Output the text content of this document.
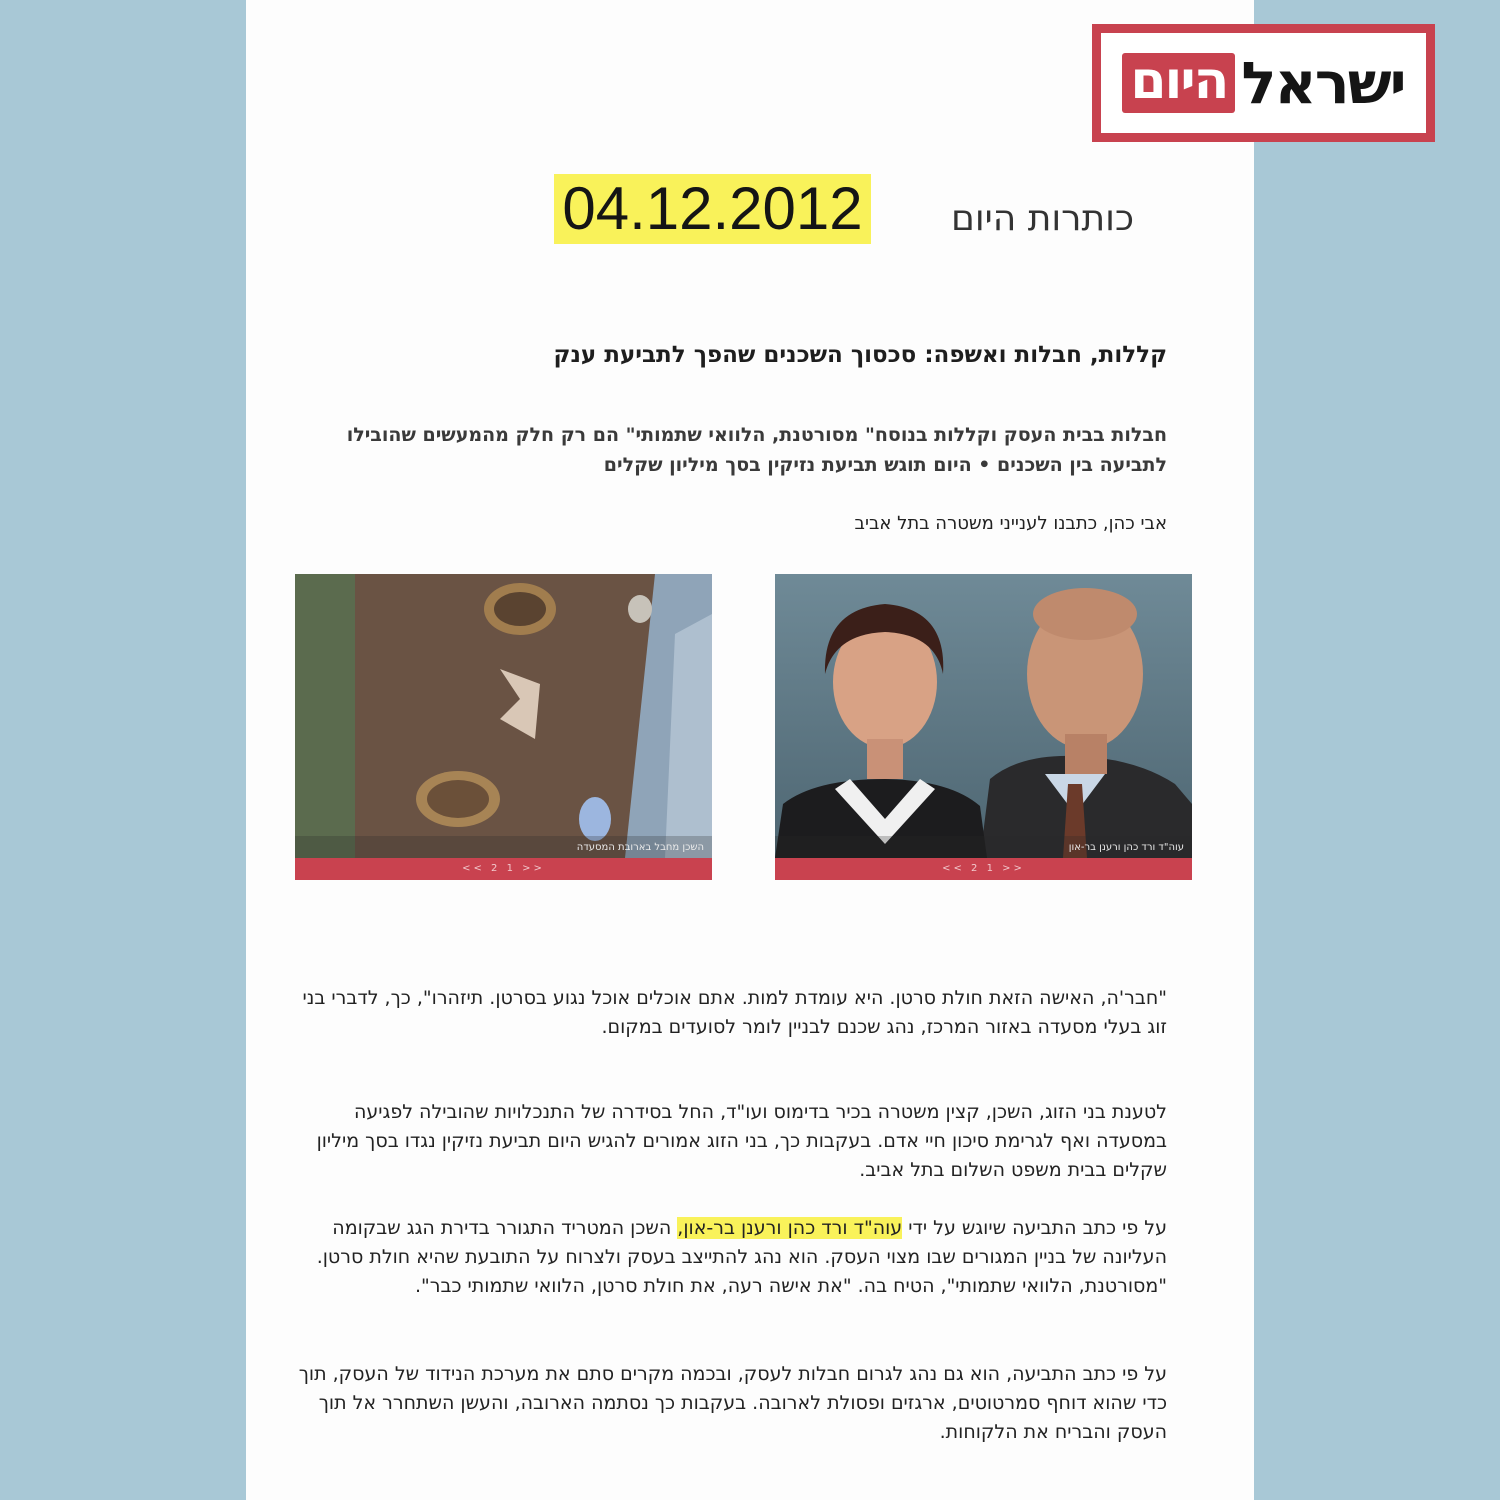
ישראל
היום
04.12.2012 כותרות היום
קללות, חבלות ואשפה: סכסוך השכנים שהפך לתביעת ענק
חבלות בבית העסק וקללות בנוסח" מסורטנת, הלוואי שתמותי" הם רק חלק מהמעשים שהובילו לתביעה בין השכנים • היום תוגש תביעת נזיקין בסך מיליון שקלים
אבי כהן, כתבנו לענייני משטרה בתל אביב
עוה"ד ורד כהן ורענן בר-און
<< 2 1 >>
השכן מחבל בארובת המסעדה
<< 2 1 >>
"חבר'ה, האישה הזאת חולת סרטן. היא עומדת למות. אתם אוכלים אוכל נגוע בסרטן. תיזהרו", כך, לדברי בני זוג בעלי מסעדה באזור המרכז, נהג שכנם לבניין לומר לסועדים במקום.
לטענת בני הזוג, השכן, קצין משטרה בכיר בדימוס ועו"ד, החל בסידרה של התנכלויות שהובילה לפגיעה במסעדה ואף לגרימת סיכון חיי אדם. בעקבות כך, בני הזוג אמורים להגיש היום תביעת נזיקין נגדו בסך מיליון שקלים בבית משפט השלום בתל אביב.
על פי כתב התביעה שיוגש על ידי עוה"ד ורד כהן ורענן בר-און, השכן המטריד התגורר בדירת הגג שבקומה העליונה של בניין המגורים שבו מצוי העסק. הוא נהג להתייצב בעסק ולצרוח על התובעת שהיא חולת סרטן. "מסורטנת, הלוואי שתמותי", הטיח בה. "את אישה רעה, את חולת סרטן, הלוואי שתמותי כבר".
על פי כתב התביעה, הוא גם נהג לגרום חבלות לעסק, ובכמה מקרים סתם את מערכת הנידוד של העסק, תוך כדי שהוא דוחף סמרטוטים, ארגזים ופסולת לארובה. בעקבות כך נסתמה הארובה, והעשן השתחרר אל תוך העסק והבריח את הלקוחות.
